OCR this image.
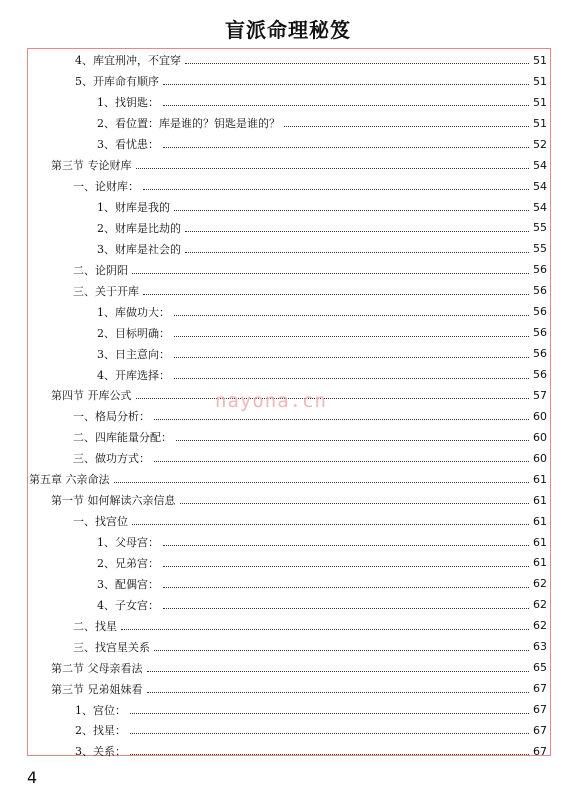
盲派命理秘笈
4、库宜刑冲，不宜穿	51
5、开库命有顺序	51
1、找钥匙：	51
2、看位置：库是谁的？钥匙是谁的？	51
3、看忧患：	52
第三节 专论财库	54
一、论财库：	54
1、财库是我的	54
2、财库是比劫的	55
3、财库是社会的	55
二、论阴阳	56
三、关于开库	56
1、库做功大：	56
2、目标明确：	56
3、日主意向：	56
4、开库选择：	56
第四节 开库公式	57
一、格局分析：	60
二、四库能量分配：	60
三、做功方式：	60
第五章 六亲命法	61
第一节 如何解读六亲信息	61
一、找宫位	61
1、父母宫：	61
2、兄弟宫：	61
3、配偶宫：	62
4、子女宫：	62
二、找星	62
三、找宫星关系	63
第二节 父母亲看法	65
第三节 兄弟姐妹看	67
1、宫位：	67
2、找星：	67
3、关系：	67
nayona.cn
4
